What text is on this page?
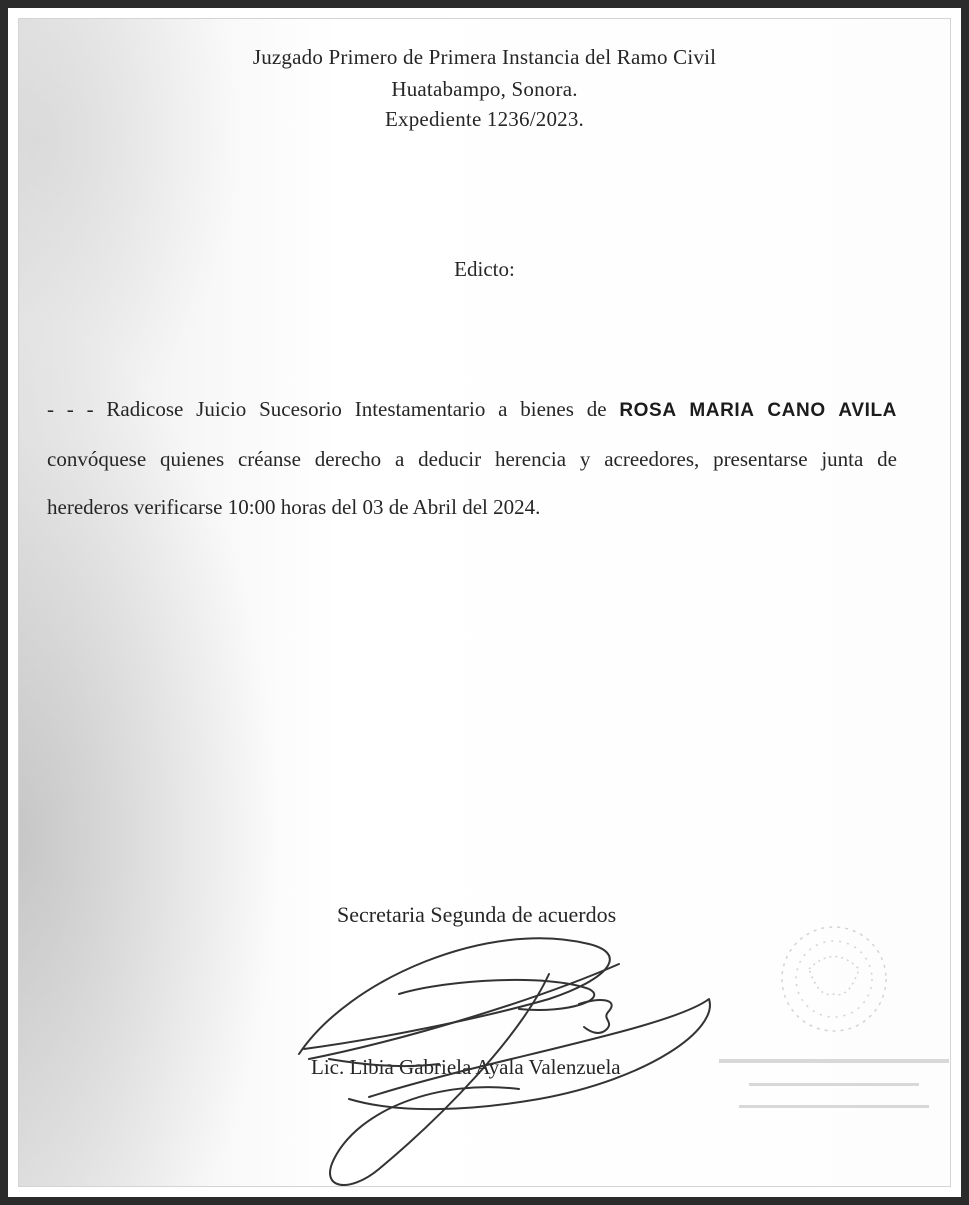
Juzgado Primero de Primera Instancia del Ramo Civil
Huatabampo, Sonora.
Expediente 1236/2023.
Edicto:
- - - Radicose Juicio Sucesorio Intestamentario a bienes de ROSA MARIA CANO AVILA
convóquese quienes créanse derecho a deducir herencia y acreedores, presentarse junta de
herederos verificarse 10:00 horas del 03 de Abril del 2024.
Secretaria Segunda de acuerdos
Lic. Libia Gabriela Ayala Valenzuela
